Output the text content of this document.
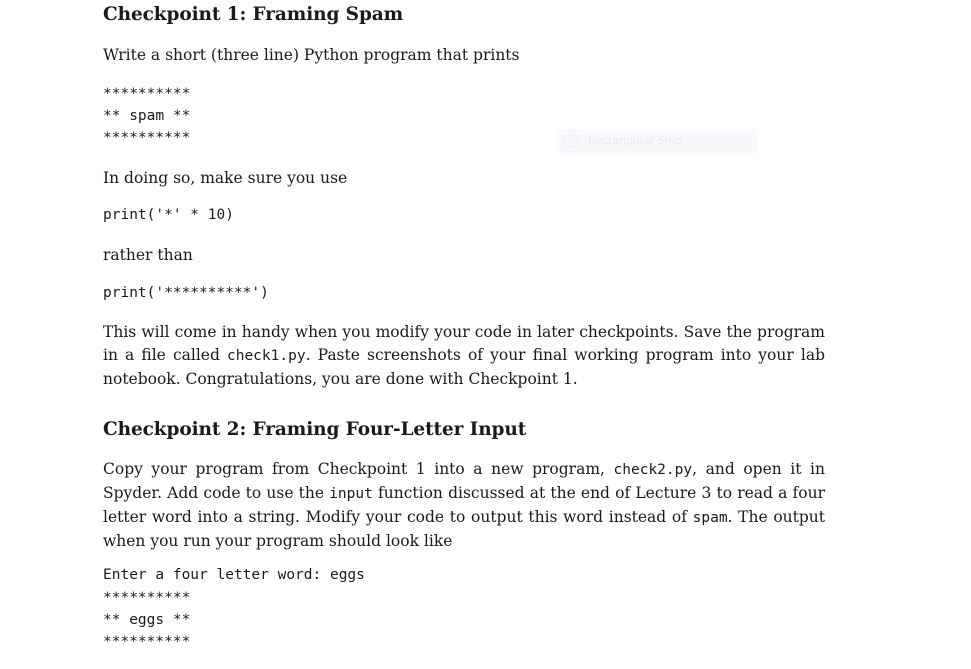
Checkpoint 1: Framing Spam
Write a short (three line) Python program that prints
**********
** spam **
**********
In doing so, make sure you use
print('*' * 10)
rather than
print('**********')
This will come in handy when you modify your code in later checkpoints. Save the program in a file called check1.py. Paste screenshots of your final working program into your lab notebook. Congratulations, you are done with Checkpoint 1.
Checkpoint 2: Framing Four-Letter Input
Copy your program from Checkpoint 1 into a new program, check2.py, and open it in Spyder. Add code to use the input function discussed at the end of Lecture 3 to read a four letter word into a string. Modify your code to output this word instead of spam. The output when you run your program should look like
Enter a four letter word: eggs
**********
** eggs **
**********
Rectangular Snip
